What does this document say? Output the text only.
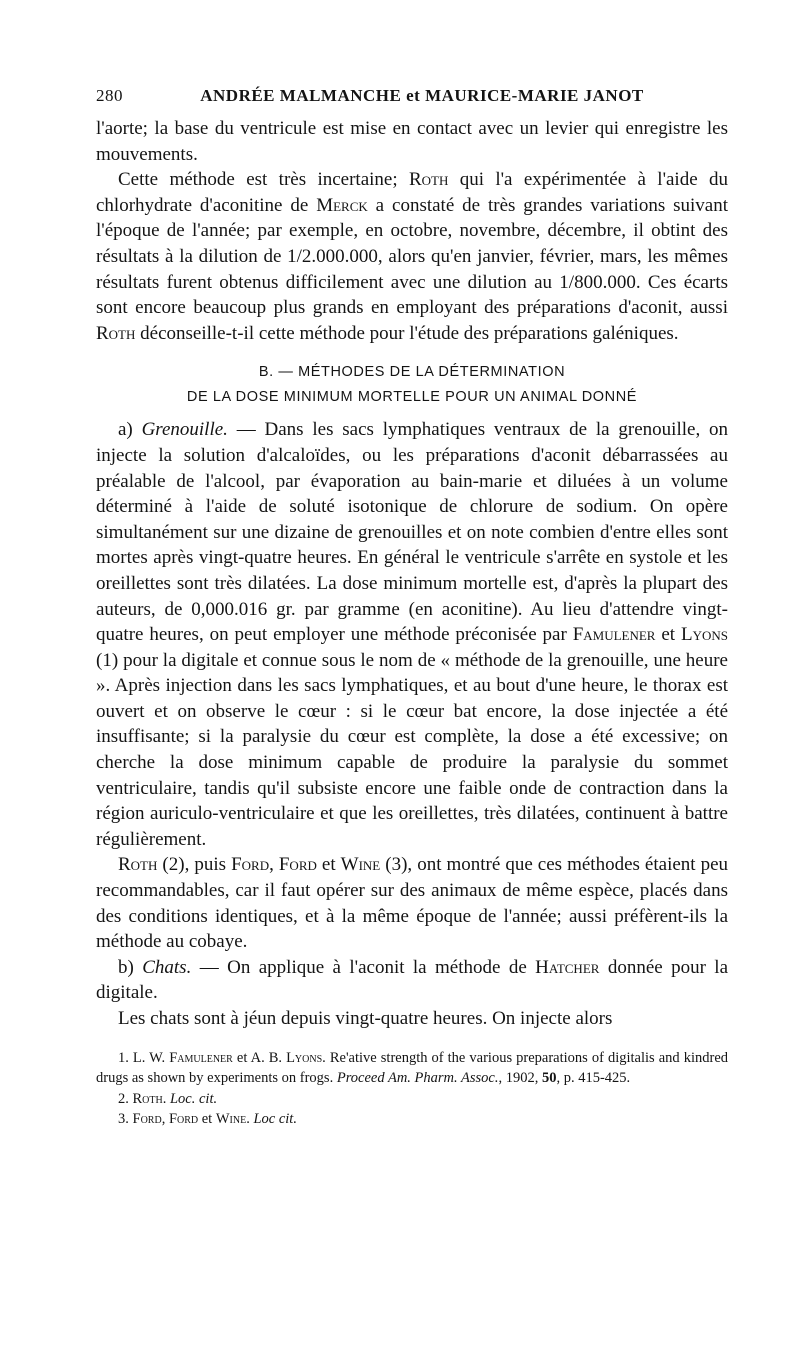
280	ANDRÉE MALMANCHE et MAURICE-MARIE JANOT

l'aorte; la base du ventricule est mise en contact avec un levier qui enregistre les mouvements.

Cette méthode est très incertaine; Roth qui l'a expérimentée à l'aide du chlorhydrate d'aconitine de Merck a constaté de très grandes variations suivant l'époque de l'année; par exemple, en octobre, novembre, décembre, il obtint des résultats à la dilution de 1/2.000.000, alors qu'en janvier, février, mars, les mêmes résultats furent obtenus difficilement avec une dilution au 1/800.000. Ces écarts sont encore beaucoup plus grands en employant des préparations d'aconit, aussi Roth déconseille-t-il cette méthode pour l'étude des préparations galéniques.

B. — MÉTHODES DE LA DÉTERMINATION
DE LA DOSE MINIMUM MORTELLE POUR UN ANIMAL DONNÉ

a) Grenouille. — Dans les sacs lymphatiques ventraux de la grenouille, on injecte la solution d'alcaloïdes, ou les préparations d'aconit débarrassées au préalable de l'alcool, par évaporation au bain-marie et diluées à un volume déterminé à l'aide de soluté isotonique de chlorure de sodium. On opère simultanément sur une dizaine de grenouilles et on note combien d'entre elles sont mortes après vingt-quatre heures. En général le ventricule s'arrête en systole et les oreillettes sont très dilatées. La dose minimum mortelle est, d'après la plupart des auteurs, de 0,000.016 gr. par gramme (en aconitine). Au lieu d'attendre vingt-quatre heures, on peut employer une méthode préconisée par Famulener et Lyons (1) pour la digitale et connue sous le nom de « méthode de la grenouille, une heure ». Après injection dans les sacs lymphatiques, et au bout d'une heure, le thorax est ouvert et on observe le cœur : si le cœur bat encore, la dose injectée a été insuffisante; si la paralysie du cœur est complète, la dose a été excessive; on cherche la dose minimum capable de produire la paralysie du sommet ventriculaire, tandis qu'il subsiste encore une faible onde de contraction dans la région auriculo-ventriculaire et que les oreillettes, très dilatées, continuent à battre régulièrement.

Roth (2), puis Ford, Ford et Wine (3), ont montré que ces méthodes étaient peu recommandables, car il faut opérer sur des animaux de même espèce, placés dans des conditions identiques, et à la même époque de l'année; aussi préfèrent-ils la méthode au cobaye.

b) Chats. — On applique à l'aconit la méthode de Hatcher donnée pour la digitale.

Les chats sont à jéun depuis vingt-quatre heures. On injecte alors

1. L. W. Famulener et A. B. Lyons. Re'ative strength of the various preparations of digitalis and kindred drugs as shown by experiments on frogs. Proceed Am. Pharm. Assoc., 1902, 50, p. 415-425.

2. Roth. Loc. cit.

3. Ford, Ford et Wine. Loc cit.
